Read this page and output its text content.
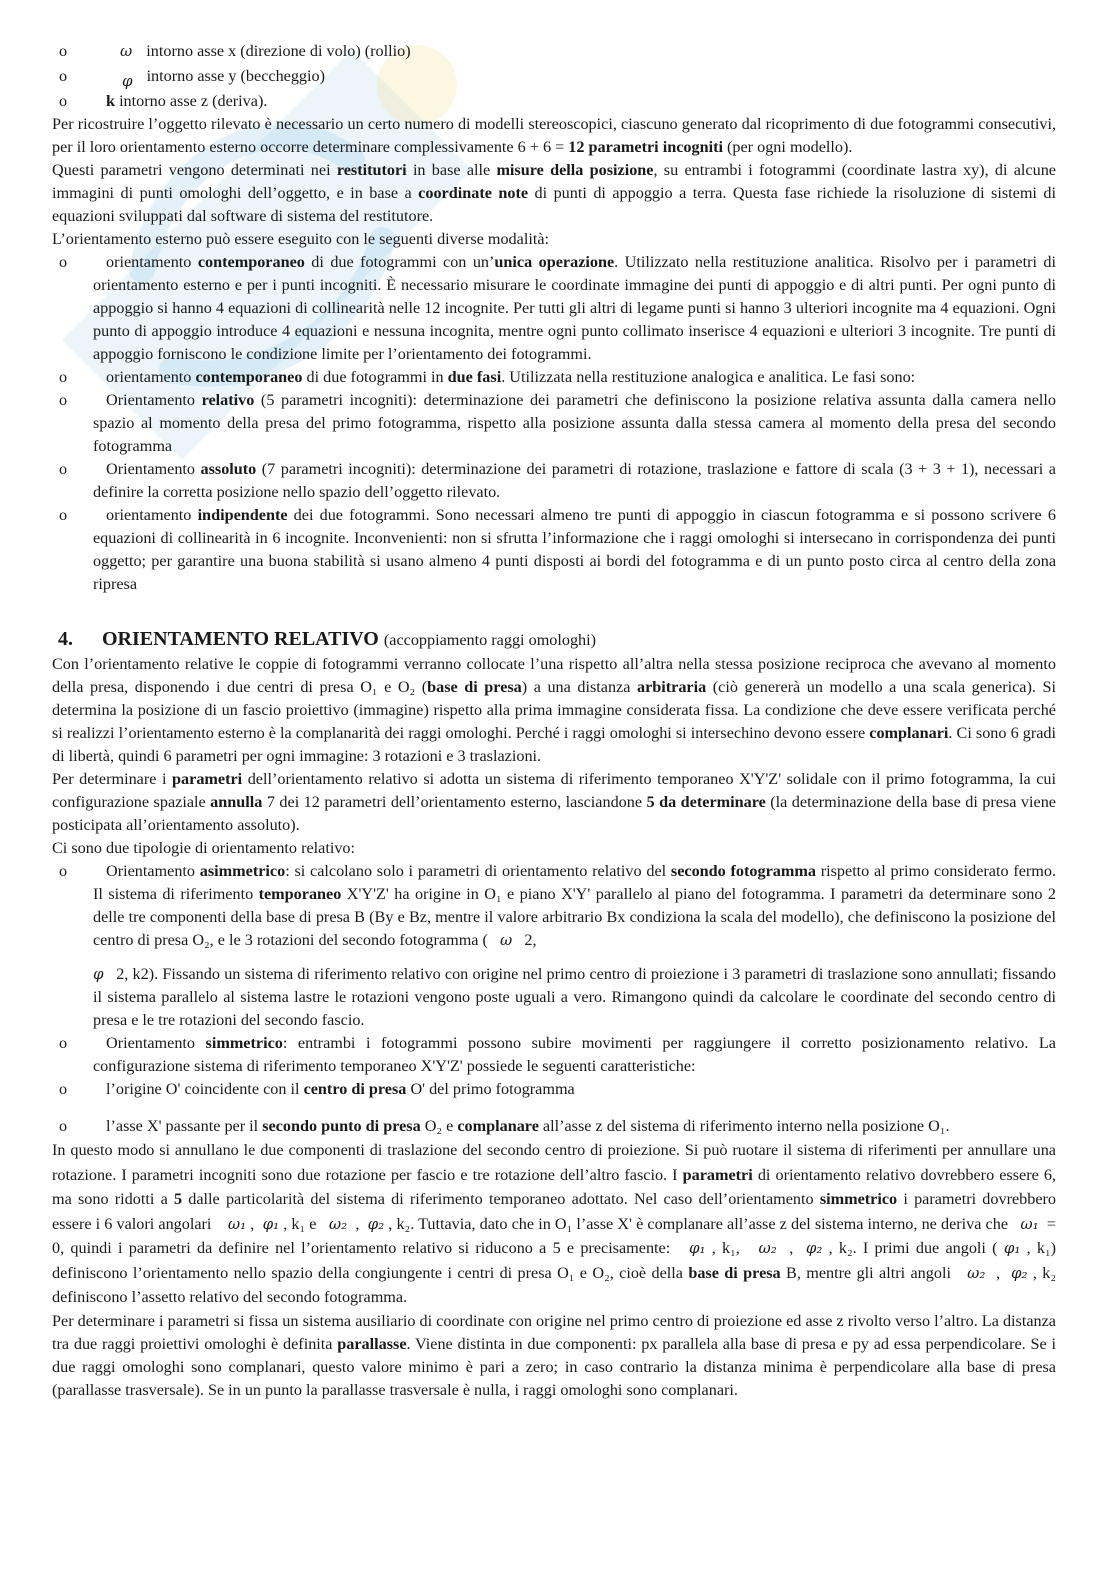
o	ω intorno asse x (direzione di volo) (rollio)

o	φ intorno asse y (beccheggio)

o k intorno asse z (deriva).

Per ricostruire l’oggetto rilevato è necessario un certo numero di modelli stereoscopici, ciascuno generato dal ricoprimento di due fotogrammi consecutivi, per il loro orientamento esterno occorre determinare complessivamente 6 + 6 = 12 parametri incogniti (per ogni modello).

Questi parametri vengono determinati nei restitutori in base alle misure della posizione, su entrambi i fotogrammi (coordinate lastra xy), di alcune immagini di punti omologhi dell’oggetto, e in base a coordinate note di punti di appoggio a terra. Questa fase richiede la risoluzione di sistemi di equazioni sviluppati dal software di sistema del restitutore.

L’orientamento esterno può essere eseguito con le seguenti diverse modalità:

o orientamento contemporaneo di due fotogrammi con un’unica operazione. Utilizzato nella restituzione analitica. Risolvo per i parametri di orientamento esterno e per i punti incogniti. È necessario misurare le coordinate immagine dei punti di appoggio e di altri punti. Per ogni punto di appoggio si hanno 4 equazioni di collinearità nelle 12 incognite. Per tutti gli altri di legame punti si hanno 3 ulteriori incognite ma 4 equazioni. Ogni punto di appoggio introduce 4 equazioni e nessuna incognita, mentre ogni punto collimato inserisce 4 equazioni e ulteriori 3 incognite. Tre punti di appoggio forniscono le condizione limite per l’orientamento dei fotogrammi.

o orientamento contemporaneo di due fotogrammi in due fasi. Utilizzata nella restituzione analogica e analitica. Le fasi sono:

o Orientamento relativo (5 parametri incogniti): determinazione dei parametri che definiscono la posizione relativa assunta dalla camera nello spazio al momento della presa del primo fotogramma, rispetto alla posizione assunta dalla stessa camera al momento della presa del secondo fotogramma

o Orientamento assoluto (7 parametri incogniti): determinazione dei parametri di rotazione, traslazione e fattore di scala (3 + 3 + 1), necessari a definire la corretta posizione nello spazio dell’oggetto rilevato.

o orientamento indipendente dei due fotogrammi. Sono necessari almeno tre punti di appoggio in ciascun fotogramma e si possono scrivere 6 equazioni di collinearità in 6 incognite. Inconvenienti: non si sfrutta l’informazione che i raggi omologhi si intersecano in corrispondenza dei punti oggetto; per garantire una buona stabilità si usano almeno 4 punti disposti ai bordi del fotogramma e di un punto posto circa al centro della zona ripresa

4. ORIENTAMENTO RELATIVO (accoppiamento raggi omologhi)

Con l’orientamento relative le coppie di fotogrammi verranno collocate l’una rispetto all’altra nella stessa posizione reciproca che avevano al momento della presa, disponendo i due centri di presa O₁ e O₂ (base di presa) a una distanza arbitraria (ciò genererà un modello a una scala generica). Si determina la posizione di un fascio proiettivo (immagine) rispetto alla prima immagine considerata fissa. La condizione che deve essere verificata perché si realizzi l’orientamento esterno è la complanarità dei raggi omologhi. Perché i raggi omologhi si intersechino devono essere complanari. Ci sono 6 gradi di libertà, quindi 6 parametri per ogni immagine: 3 rotazioni e 3 traslazioni.

Per determinare i parametri dell’orientamento relativo si adotta un sistema di riferimento temporaneo X'Y'Z' solidale con il primo fotogramma, la cui configurazione spaziale annulla 7 dei 12 parametri dell’orientamento esterno, lasciandone 5 da determinare (la determinazione della base di presa viene posticipata all’orientamento assoluto).

Ci sono due tipologie di orientamento relativo:

o Orientamento asimmetrico: si calcolano solo i parametri di orientamento relativo del secondo fotogramma rispetto al primo considerato fermo. Il sistema di riferimento temporaneo X'Y'Z' ha origine in O₁ e piano X'Y' parallelo al piano del fotogramma. I parametri da determinare sono 2 delle tre componenti della base di presa B (By e Bz, mentre il valore arbitrario Bx condiziona la scala del modello), che definiscono la posizione del centro di presa O₂, e le 3 rotazioni del secondo fotogramma ( ω   2,
φ   2, k2). Fissando un sistema di riferimento relativo con origine nel primo centro di proiezione i 3 parametri di traslazione sono annullati; fissando il sistema parallelo al sistema lastre le rotazioni vengono poste uguali a vero. Rimangono quindi da calcolare le coordinate del secondo centro di presa e le tre rotazioni del secondo fascio.

o Orientamento simmetrico: entrambi i fotogrammi possono subire movimenti per raggiungere il corretto posizionamento relativo. La configurazione sistema di riferimento temporaneo X'Y'Z' possiede le seguenti caratteristiche:

o l’origine O' coincidente con il centro di presa O' del primo fotogramma

o l’asse X' passante per il secondo punto di presa O₂ e complanare all’asse z del sistema di riferimento interno nella posizione O₁.

In questo modo si annullano le due componenti di traslazione del secondo centro di proiezione. Si può ruotare il sistema di riferimenti per annullare una rotazione. I parametri incogniti sono due rotazione per fascio e tre rotazione dell’altro fascio. I parametri di orientamento relativo dovrebbero essere 6, ma sono ridotti a 5 dalle particolarità del sistema di riferimento temporaneo adottato. Nel caso dell’orientamento simmetrico i parametri dovrebbero essere i 6 valori angolari    ω₁ , φ₁ , k₁ e   ω₂ , φ₂ , k₂. Tuttavia, dato che in O₁ l’asse X' è complanare all’asse z del sistema interno, ne deriva che   ω₁  = 0, quindi i parametri da definire nel l’orientamento relativo si riducono a 5 e precisamente:   φ₁ , k₁,   ω₂ , φ₂ , k₂. I primi due angoli ( φ₁ , k₁) definiscono l’orientamento nello spazio della congiungente i centri di presa O₁ e O₂, cioè della base di presa B, mentre gli altri angoli   ω₂ , φ₂ , k₂ definiscono l’assetto relativo del secondo fotogramma.

Per determinare i parametri si fissa un sistema ausiliario di coordinate con origine nel primo centro di proiezione ed asse z rivolto verso l’altro. La distanza tra due raggi proiettivi omologhi è definita parallasse. Viene distinta in due componenti: px parallela alla base di presa e py ad essa perpendicolare. Se i due raggi omologhi sono complanari, questo valore minimo è pari a zero; in caso contrario la distanza minima è perpendicolare alla base di presa (parallasse trasversale). Se in un punto la parallasse trasversale è nulla, i raggi omologhi sono complanari.
